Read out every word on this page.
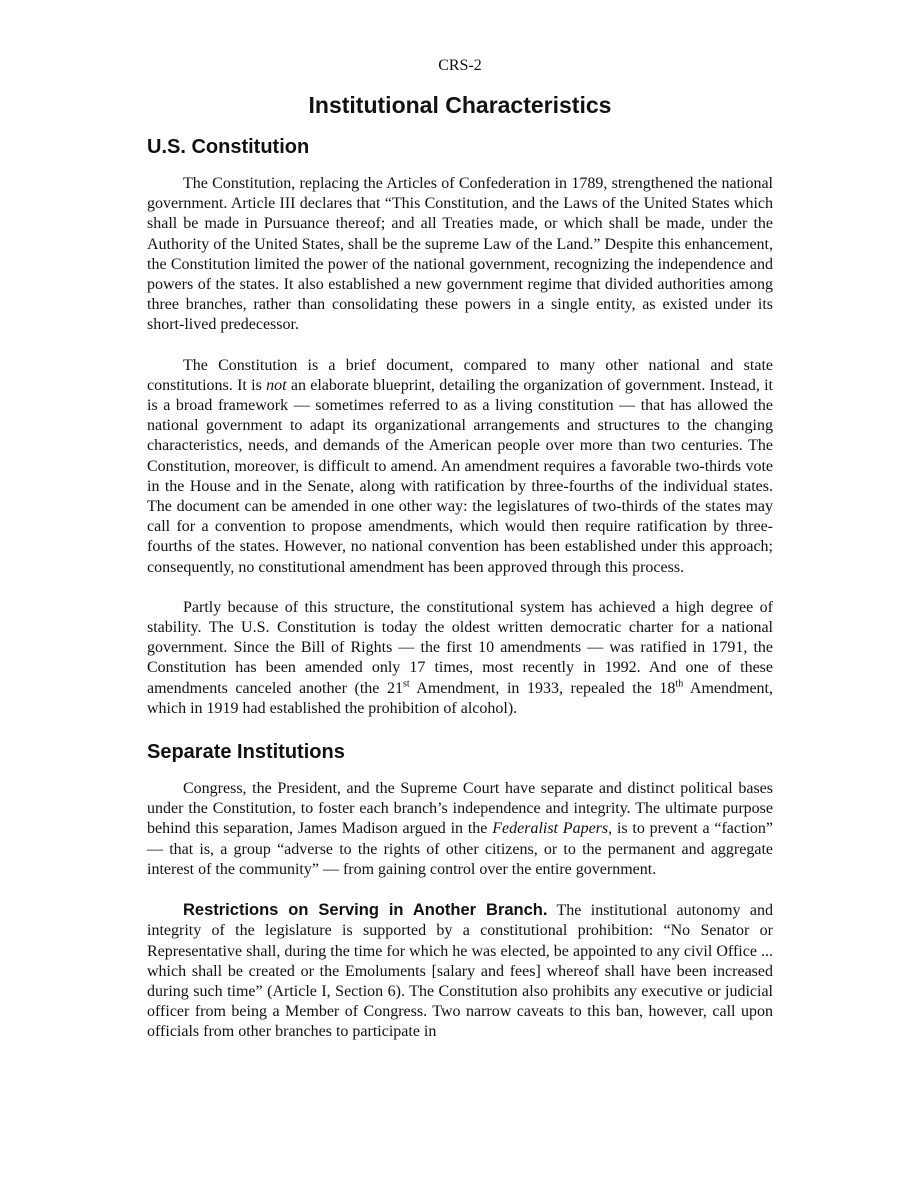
CRS-2
Institutional Characteristics
U.S. Constitution

The Constitution, replacing the Articles of Confederation in 1789, strengthened the national government. Article III declares that “This Constitution, and the Laws of the United States which shall be made in Pursuance thereof; and all Treaties made, or which shall be made, under the Authority of the United States, shall be the supreme Law of the Land.” Despite this enhancement, the Constitution limited the power of the national government, recognizing the independence and powers of the states. It also established a new government regime that divided authorities among three branches, rather than consolidating these powers in a single entity, as existed under its short-lived predecessor.

The Constitution is a brief document, compared to many other national and state constitutions. It is not an elaborate blueprint, detailing the organization of government. Instead, it is a broad framework — sometimes referred to as a living constitution — that has allowed the national government to adapt its organizational arrangements and structures to the changing characteristics, needs, and demands of the American people over more than two centuries. The Constitution, moreover, is difficult to amend. An amendment requires a favorable two-thirds vote in the House and in the Senate, along with ratification by three-fourths of the individual states. The document can be amended in one other way: the legislatures of two-thirds of the states may call for a convention to propose amendments, which would then require ratification by three-fourths of the states. However, no national convention has been established under this approach; consequently, no constitutional amendment has been approved through this process.

Partly because of this structure, the constitutional system has achieved a high degree of stability. The U.S. Constitution is today the oldest written democratic charter for a national government. Since the Bill of Rights — the first 10 amendments — was ratified in 1791, the Constitution has been amended only 17 times, most recently in 1992. And one of these amendments canceled another (the 21st Amendment, in 1933, repealed the 18th Amendment, which in 1919 had established the prohibition of alcohol).

Separate Institutions

Congress, the President, and the Supreme Court have separate and distinct political bases under the Constitution, to foster each branch’s independence and integrity. The ultimate purpose behind this separation, James Madison argued in the Federalist Papers, is to prevent a “faction” — that is, a group “adverse to the rights of other citizens, or to the permanent and aggregate interest of the community” — from gaining control over the entire government.

Restrictions on Serving in Another Branch. The institutional autonomy and integrity of the legislature is supported by a constitutional prohibition: “No Senator or Representative shall, during the time for which he was elected, be appointed to any civil Office ... which shall be created or the Emoluments [salary and fees] whereof shall have been increased during such time” (Article I, Section 6). The Constitution also prohibits any executive or judicial officer from being a Member of Congress. Two narrow caveats to this ban, however, call upon officials from other branches to participate in
